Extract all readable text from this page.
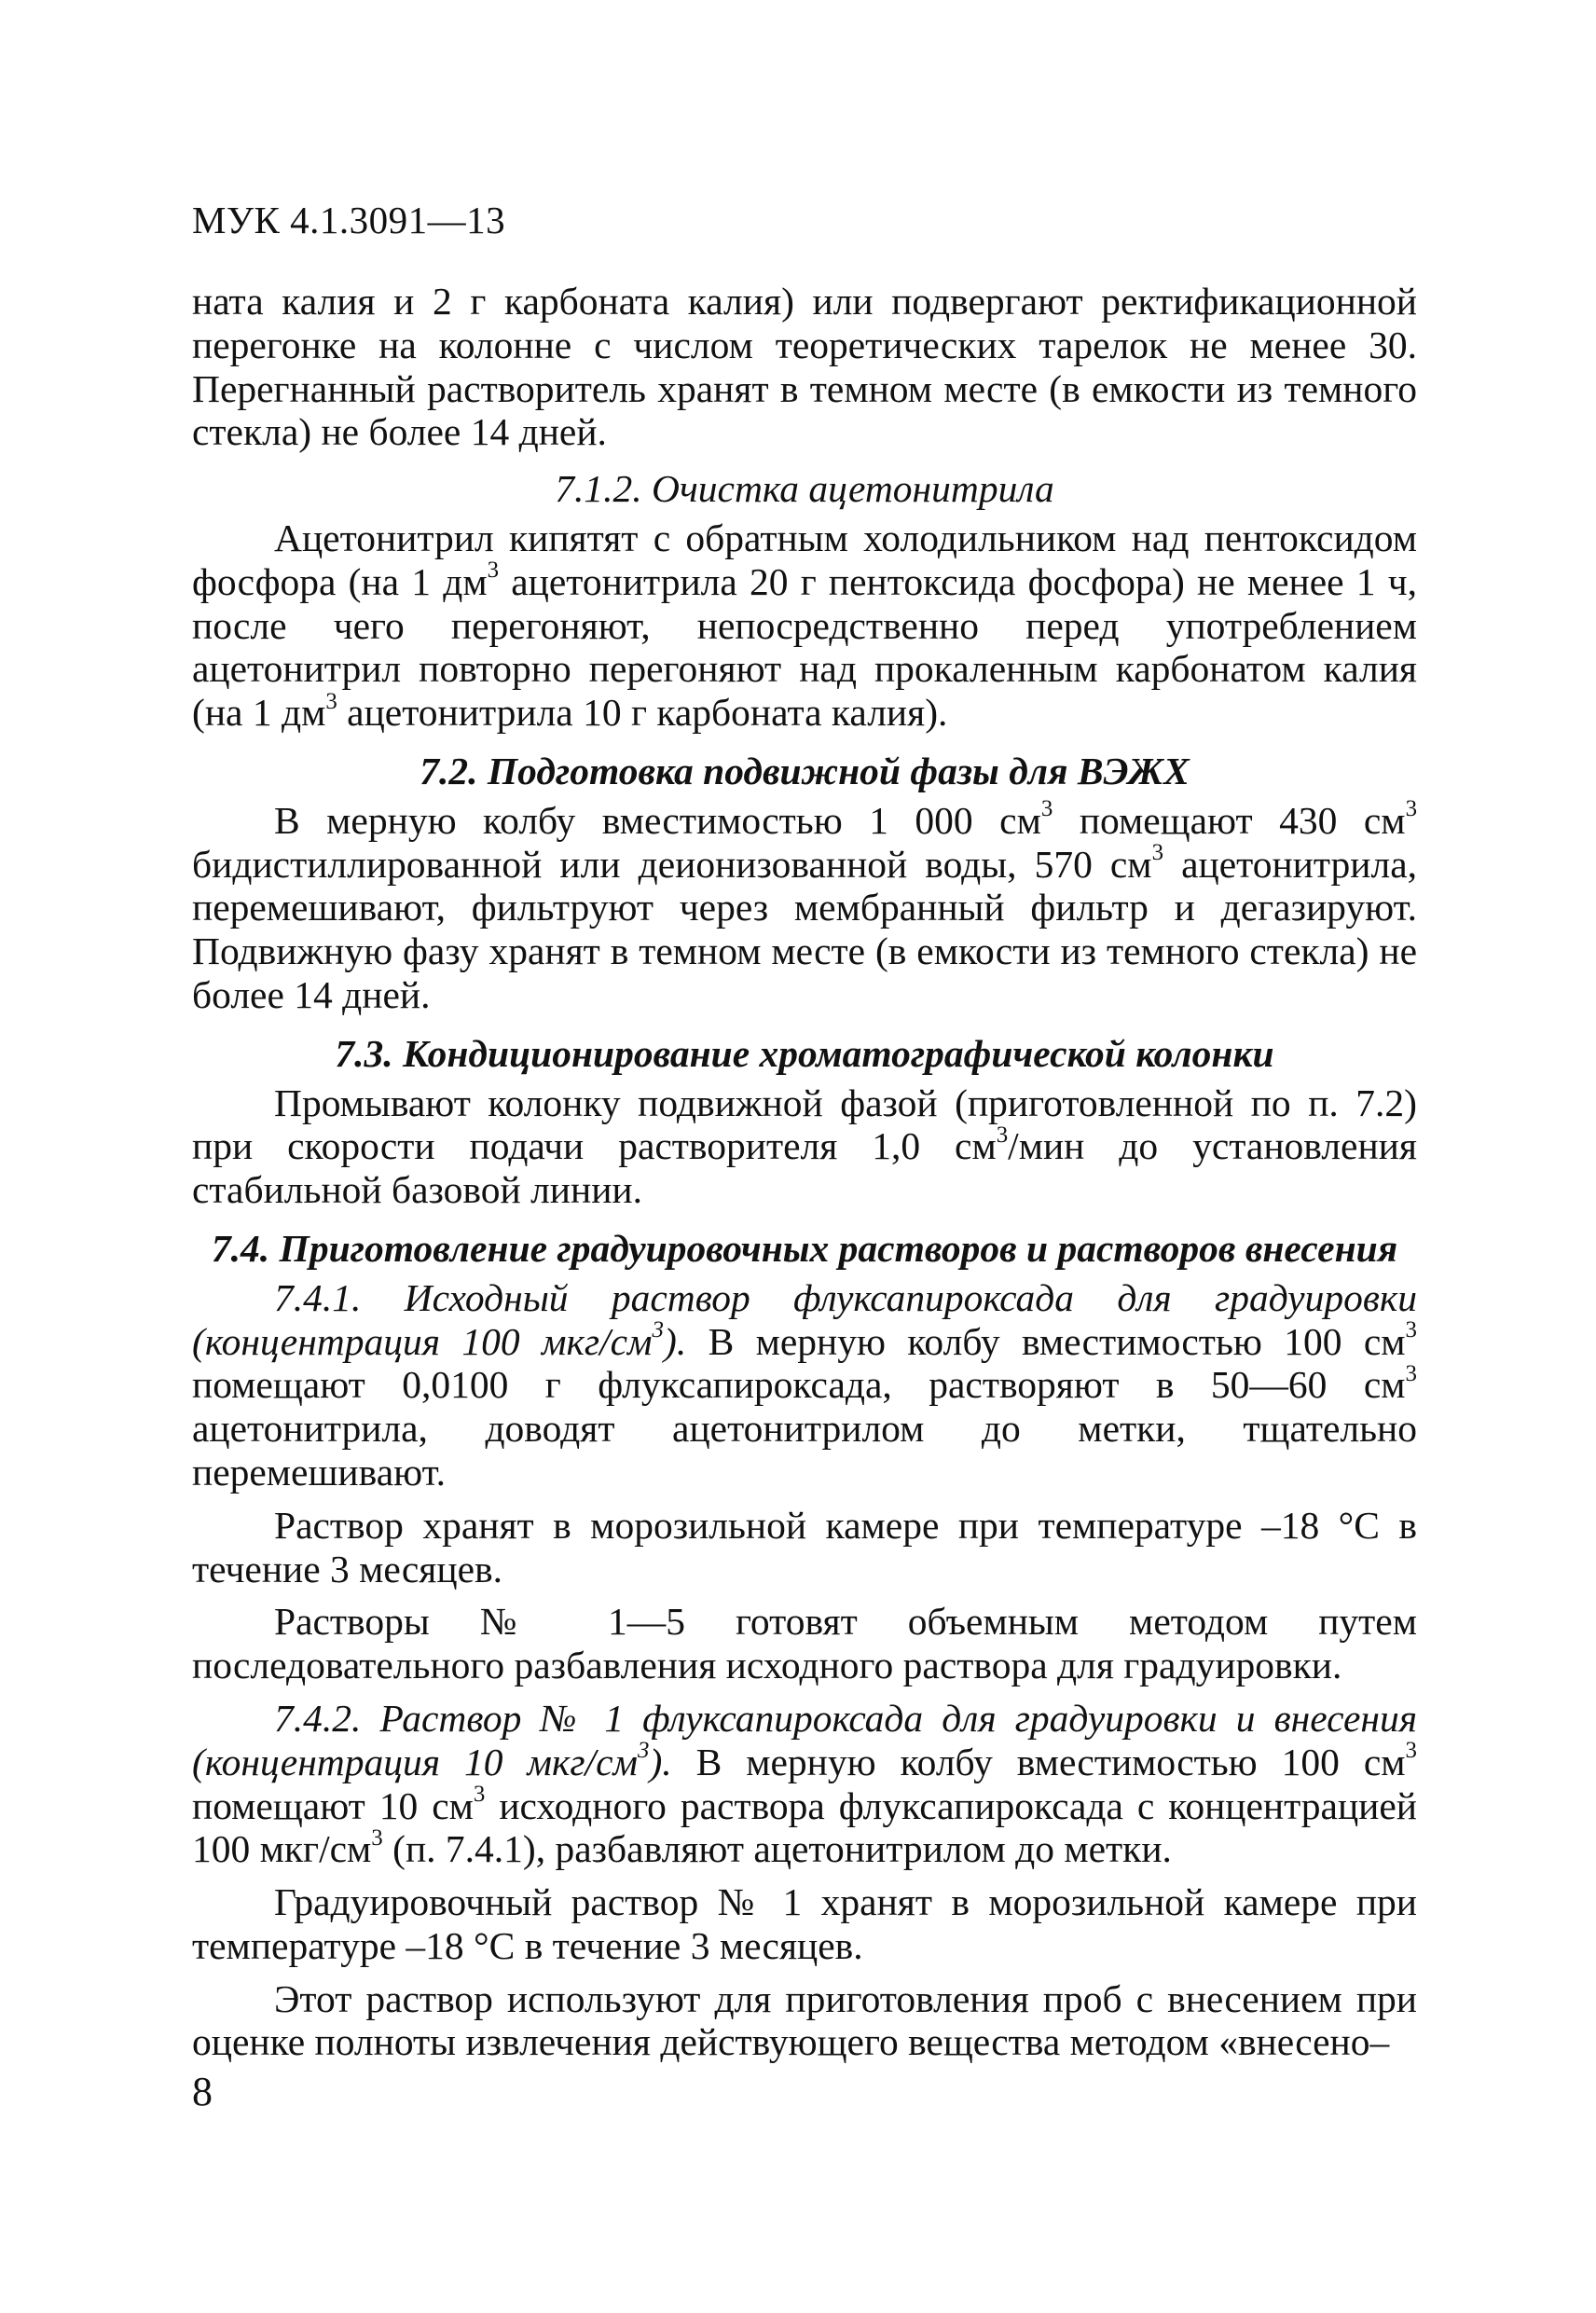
МУК 4.1.3091—13

ната калия и 2 г карбоната калия) или подвергают ректификационной перегонке на колонне с числом теоретических тарелок не менее 30. Перегнанный растворитель хранят в темном месте (в емкости из темного стекла) не более 14 дней.

7.1.2. Очистка ацетонитрила

Ацетонитрил кипятят с обратным холодильником над пентоксидом фосфора (на 1 $дм^3$ ацетонитрила 20 г пентоксида фосфора) не менее 1 ч, после чего перегоняют, непосредственно перед употреблением ацетонитрил повторно перегоняют над прокаленным карбонатом калия (на 1 $дм^3$ ацетонитрила 10 г карбоната калия).

7.2. Подготовка подвижной фазы для ВЭЖХ

В мерную колбу вместимостью 1 000 $см^3$ помещают 430 $см^3$ бидистиллированной или деионизованной воды, 570 $см^3$ ацетонитрила, перемешивают, фильтруют через мембранный фильтр и дегазируют. Подвижную фазу хранят в темном месте (в емкости из темного стекла) не более 14 дней.

7.3. Кондиционирование хроматографической колонки

Промывают колонку подвижной фазой (приготовленной по п. 7.2) при скорости подачи растворителя 1,0 $см^3$/мин до установления стабильной базовой линии.

7.4. Приготовление градуировочных растворов и растворов внесения

7.4.1. Исходный раствор флуксапироксада для градуировки (концентрация 100 мкг/$см^3$). В мерную колбу вместимостью 100 $см^3$ помещают 0,0100 г флуксапироксада, растворяют в 50—60 $см^3$ ацетонитрила, доводят ацетонитрилом до метки, тщательно перемешивают.

Раствор хранят в морозильной камере при температуре –18 °С в течение 3 месяцев.

Растворы № 1—5 готовят объемным методом путем последовательного разбавления исходного раствора для градуировки.

7.4.2. Раствор № 1 флуксапироксада для градуировки и внесения (концентрация 10 мкг/$см^3$). В мерную колбу вместимостью 100 $см^3$ помещают 10 $см^3$ исходного раствора флуксапироксада с концентрацией 100 мкг/$см^3$ (п. 7.4.1), разбавляют ацетонитрилом до метки.

Градуировочный раствор № 1 хранят в морозильной камере при температуре –18 °С в течение 3 месяцев.

Этот раствор используют для приготовления проб с внесением при оценке полноты извлечения действующего вещества методом «внесено–

8
